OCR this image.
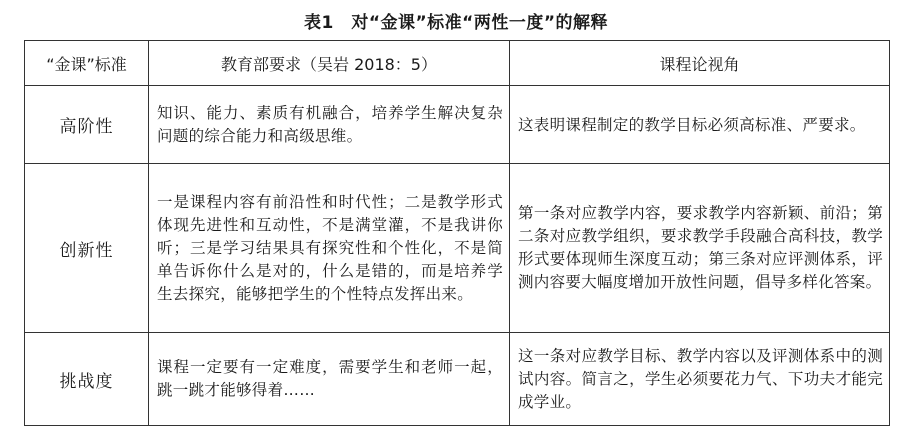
表1　对“金课”标准“两性一度”的解释
“金课”标准	教育部要求（吴岩 2018：5）	课程论视角
高阶性	知识、能力、素质有机融合，培养学生解决复杂问题的综合能力和高级思维。	这表明课程制定的教学目标必须高标准、严要求。
创新性	一是课程内容有前沿性和时代性；二是教学形式体现先进性和互动性，不是满堂灌，不是我讲你听；三是学习结果具有探究性和个性化，不是简单告诉你什么是对的，什么是错的，而是培养学生去探究，能够把学生的个性特点发挥出来。	第一条对应教学内容，要求教学内容新颖、前沿；第二条对应教学组织，要求教学手段融合高科技，教学形式要体现师生深度互动；第三条对应评测体系，评测内容要大幅度增加开放性问题，倡导多样化答案。
挑战度	课程一定要有一定难度，需要学生和老师一起，跳一跳才能够得着……	这一条对应教学目标、教学内容以及评测体系中的测试内容。简言之，学生必须要花力气、下功夫才能完成学业。
